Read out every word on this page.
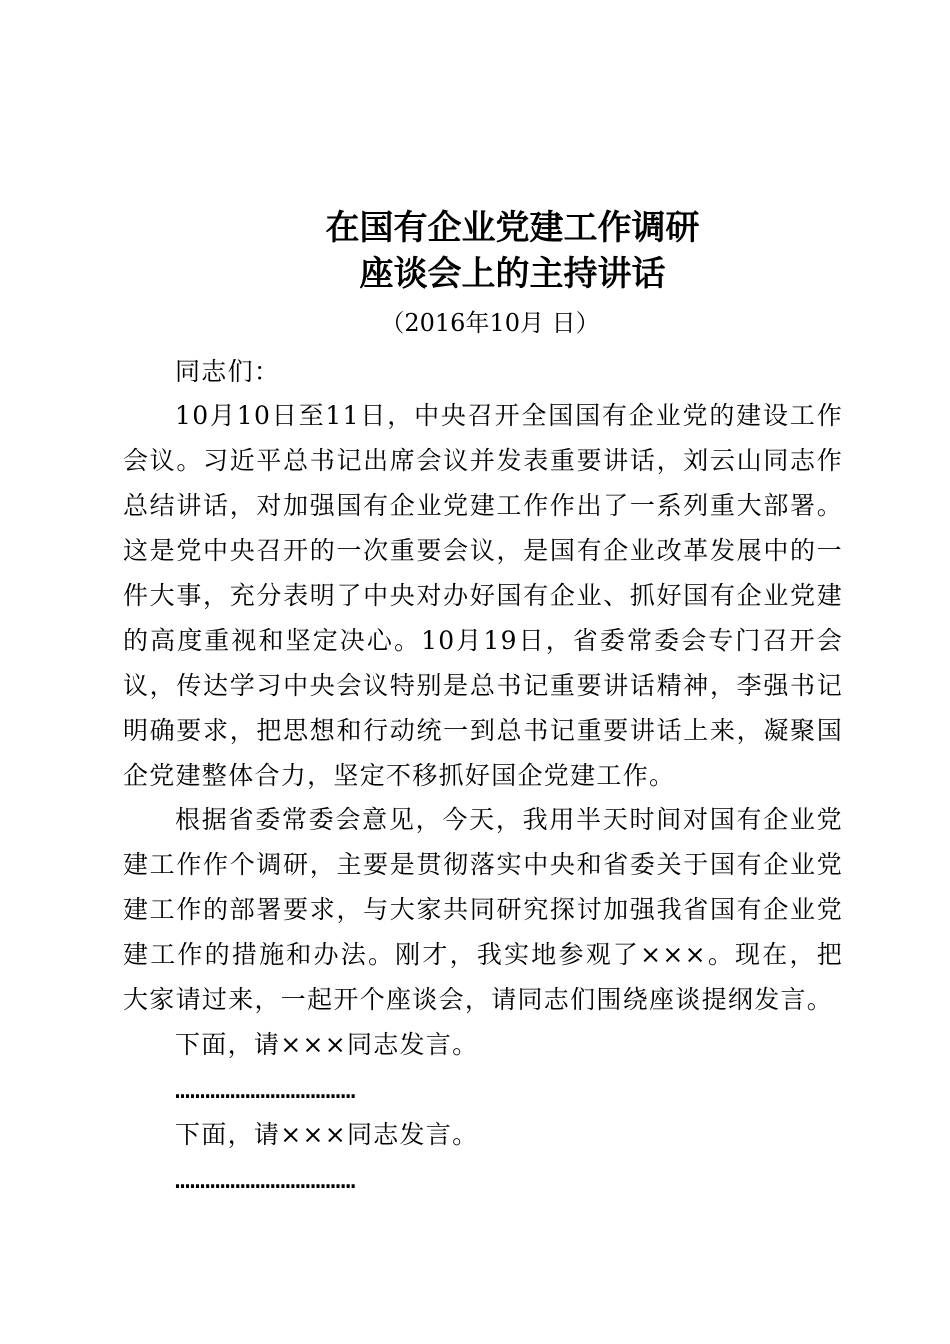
在国有企业党建工作调研
座谈会上的主持讲话
（2016年10月 日）

同志们：

10月10日至11日，中央召开全国国有企业党的建设工作会议。习近平总书记出席会议并发表重要讲话，刘云山同志作总结讲话，对加强国有企业党建工作作出了一系列重大部署。这是党中央召开的一次重要会议，是国有企业改革发展中的一件大事，充分表明了中央对办好国有企业、抓好国有企业党建的高度重视和坚定决心。10月19日，省委常委会专门召开会议，传达学习中央会议特别是总书记重要讲话精神，李强书记明确要求，把思想和行动统一到总书记重要讲话上来，凝聚国企党建整体合力，坚定不移抓好国企党建工作。

根据省委常委会意见，今天，我用半天时间对国有企业党建工作作个调研，主要是贯彻落实中央和省委关于国有企业党建工作的部署要求，与大家共同研究探讨加强我省国有企业党建工作的措施和办法。刚才，我实地参观了×××。现在，把大家请过来，一起开个座谈会，请同志们围绕座谈提纲发言。

下面，请×××同志发言。

………………………………

下面，请×××同志发言。

………………………………
